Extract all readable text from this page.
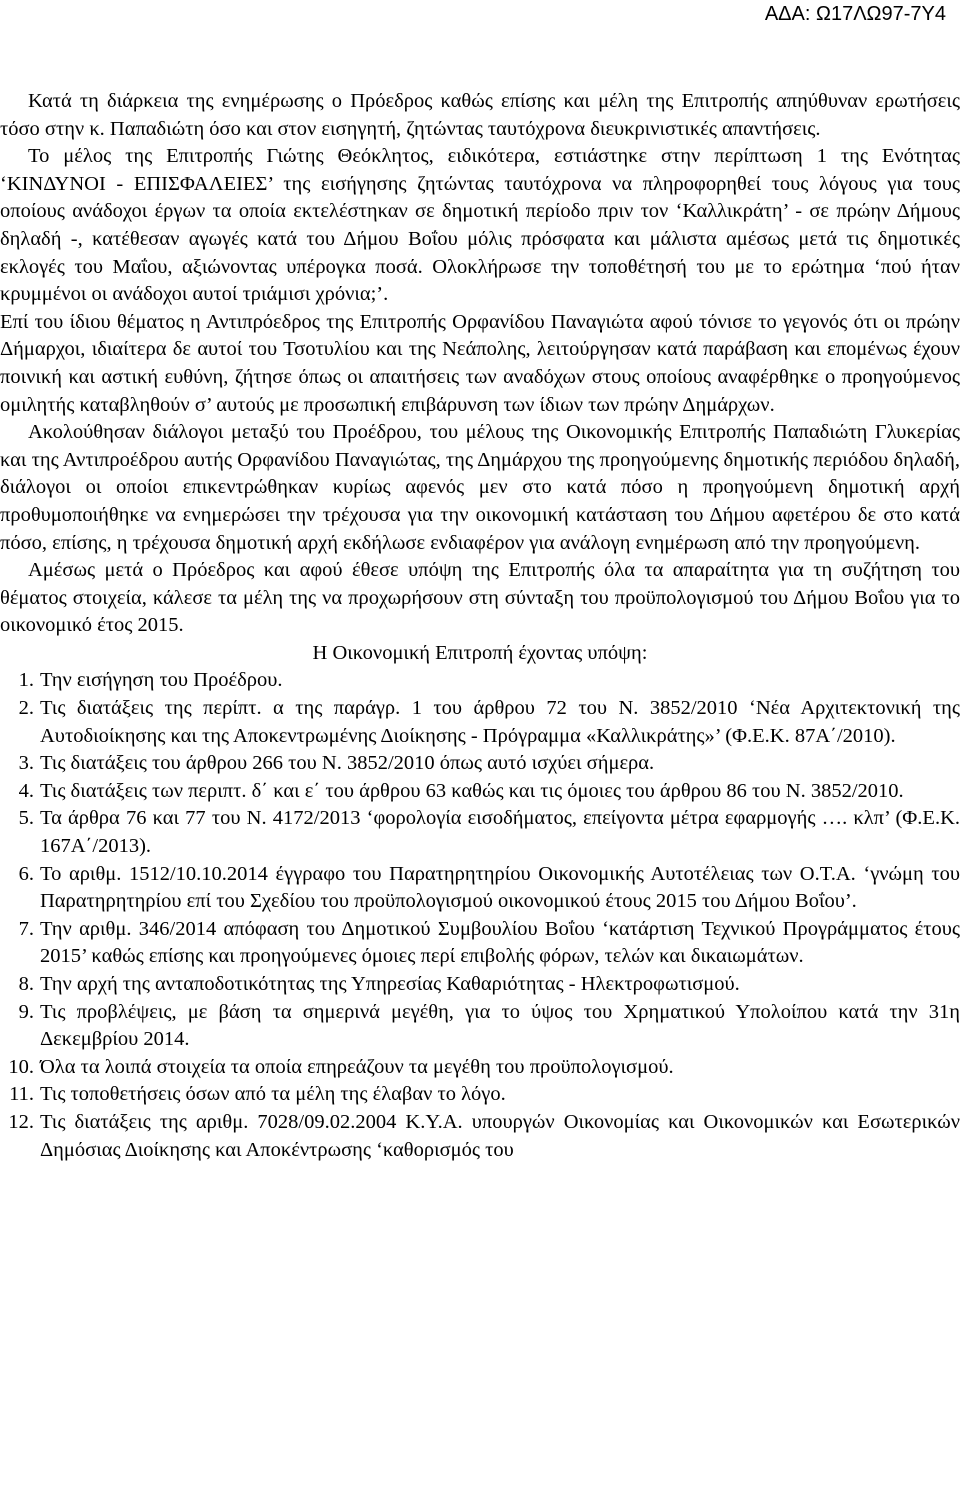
ΑΔΑ: Ω17ΛΩ97-7Υ4

Κατά τη διάρκεια της ενημέρωσης ο Πρόεδρος καθώς επίσης και μέλη της Επιτροπής απηύθυναν ερωτήσεις τόσο στην κ. Παπαδιώτη όσο και στον εισηγητή, ζητώντας ταυτόχρονα διευκρινιστικές απαντήσεις.

Το μέλος της Επιτροπής Γιώτης Θεόκλητος, ειδικότερα, εστιάστηκε στην περίπτωση 1 της Ενότητας ‘ΚΙΝΔΥΝΟΙ - ΕΠΙΣΦΑΛΕΙΕΣ’ της εισήγησης ζητώντας ταυτόχρονα να πληροφορηθεί τους λόγους για τους οποίους ανάδοχοι έργων τα οποία εκτελέστηκαν σε δημοτική περίοδο πριν τον ‘Καλλικράτη’ - σε πρώην Δήμους δηλαδή -, κατέθεσαν αγωγές κατά του Δήμου Βοΐου μόλις πρόσφατα και μάλιστα αμέσως μετά τις δημοτικές εκλογές του Μαΐου, αξιώνοντας υπέρογκα ποσά. Ολοκλήρωσε την τοποθέτησή του με το ερώτημα ‘πού ήταν κρυμμένοι οι ανάδοχοι αυτοί τριάμισι χρόνια;’.

Επί του ίδιου θέματος η Αντιπρόεδρος της Επιτροπής Ορφανίδου Παναγιώτα αφού τόνισε το γεγονός ότι οι πρώην Δήμαρχοι, ιδιαίτερα δε αυτοί του Τσοτυλίου και της Νεάπολης, λειτούργησαν κατά παράβαση και επομένως έχουν ποινική και αστική ευθύνη, ζήτησε όπως οι απαιτήσεις των αναδόχων στους οποίους αναφέρθηκε ο προηγούμενος ομιλητής καταβληθούν σ’ αυτούς με προσωπική επιβάρυνση των ίδιων των πρώην Δημάρχων.

Ακολούθησαν διάλογοι μεταξύ του Προέδρου, του μέλους της Οικονομικής Επιτροπής Παπαδιώτη Γλυκερίας και της Αντιπροέδρου αυτής Ορφανίδου Παναγιώτας, της Δημάρχου της προηγούμενης δημοτικής περιόδου δηλαδή, διάλογοι οι οποίοι επικεντρώθηκαν κυρίως αφενός μεν στο κατά πόσο η προηγούμενη δημοτική αρχή προθυμοποιήθηκε να ενημερώσει την τρέχουσα για την οικονομική κατάσταση του Δήμου αφετέρου δε στο κατά πόσο, επίσης, η τρέχουσα δημοτική αρχή εκδήλωσε ενδιαφέρον για ανάλογη ενημέρωση από την προηγούμενη.

Αμέσως μετά ο Πρόεδρος και αφού έθεσε υπόψη της Επιτροπής όλα τα απαραίτητα για τη συζήτηση του θέματος στοιχεία, κάλεσε τα μέλη της να προχωρήσουν στη σύνταξη του προϋπολογισμού του Δήμου Βοΐου για το οικονομικό έτος 2015.

Η Οικονομική Επιτροπή έχοντας υπόψη:

1. Την εισήγηση του Προέδρου.
2. Τις διατάξεις της περίπτ. α της παράγρ. 1 του άρθρου 72 του Ν. 3852/2010 ‘Νέα Αρχιτεκτονική της Αυτοδιοίκησης και της Αποκεντρωμένης Διοίκησης - Πρόγραμμα «Καλλικράτης»’ (Φ.Ε.Κ. 87Α΄/2010).
3. Τις διατάξεις του άρθρου 266 του Ν. 3852/2010 όπως αυτό ισχύει σήμερα.
4. Τις διατάξεις των περιπτ. δ΄ και ε΄ του άρθρου 63 καθώς και τις όμοιες του άρθρου 86 του Ν. 3852/2010.
5. Τα άρθρα 76 και 77 του Ν. 4172/2013 ‘φορολογία εισοδήματος, επείγοντα μέτρα εφαρμογής …. κλπ’ (Φ.Ε.Κ. 167Α΄/2013).
6. Το αριθμ. 1512/10.10.2014 έγγραφο του Παρατηρητηρίου Οικονομικής Αυτοτέλειας των Ο.Τ.Α. ‘γνώμη του Παρατηρητηρίου επί του Σχεδίου του προϋπολογισμού οικονομικού έτους 2015 του Δήμου Βοΐου’.
7. Την αριθμ. 346/2014 απόφαση του Δημοτικού Συμβουλίου Βοΐου ‘κατάρτιση Τεχνικού Προγράμματος έτους 2015’ καθώς επίσης και προηγούμενες όμοιες περί επιβολής φόρων, τελών και δικαιωμάτων.
8. Την αρχή της ανταποδοτικότητας της Υπηρεσίας Καθαριότητας - Ηλεκτροφωτισμού.
9. Τις προβλέψεις, με βάση τα σημερινά μεγέθη, για το ύψος του Χρηματικού Υπολοίπου κατά την 31η Δεκεμβρίου 2014.
10. Όλα τα λοιπά στοιχεία τα οποία επηρεάζουν τα μεγέθη του προϋπολογισμού.
11. Τις τοποθετήσεις όσων από τα μέλη της έλαβαν το λόγο.
12. Τις διατάξεις της αριθμ. 7028/09.02.2004 Κ.Υ.Α. υπουργών Οικονομίας και Οικονομικών και Εσωτερικών Δημόσιας Διοίκησης και Αποκέντρωσης ‘καθορισμός του
